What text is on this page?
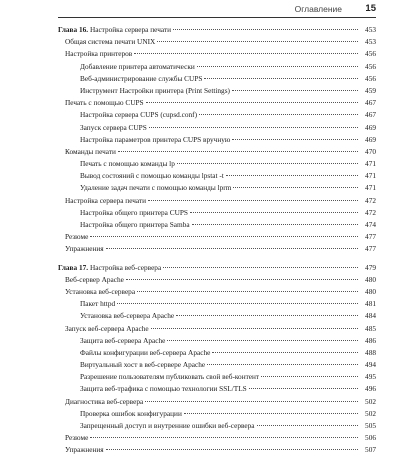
Оглавление 15
Глава 16. Настройка сервера печати	453
Общая система печати UNIX	453
Настройка принтеров	456
Добавление принтера автоматически	456
Веб-администрирование службы CUPS	456
Инструмент Настройки принтера (Print Settings)	459
Печать с помощью CUPS	467
Настройка сервера CUPS (cupsd.conf)	467
Запуск сервера CUPS	469
Настройка параметров принтера CUPS вручную	469
Команды печати	470
Печать с помощью команды lp	471
Вывод состояний с помощью команды lpstat -t	471
Удаление задач печати с помощью команды lprm	471
Настройка сервера печати	472
Настройка общего принтера CUPS	472
Настройка общего принтера Samba	474
Резюме	477
Упражнения	477
Глава 17. Настройка веб-сервера	479
Веб-сервер Apache	480
Установка веб-сервера	480
Пакет httpd	481
Установка веб-сервера Apache	484
Запуск веб-сервера Apache	485
Защита веб-сервера Apache	486
Файлы конфигурации веб-сервера Apache	488
Виртуальный хост в веб-сервере Apache	494
Разрешение пользователям публиковать свой веб-контент	495
Защита веб-трафика с помощью технологии SSL/TLS	496
Диагностика веб-сервера	502
Проверка ошибок конфигурации	502
Запрещенный доступ и внутренние ошибки веб-сервера	505
Резюме	506
Упражнения	507
